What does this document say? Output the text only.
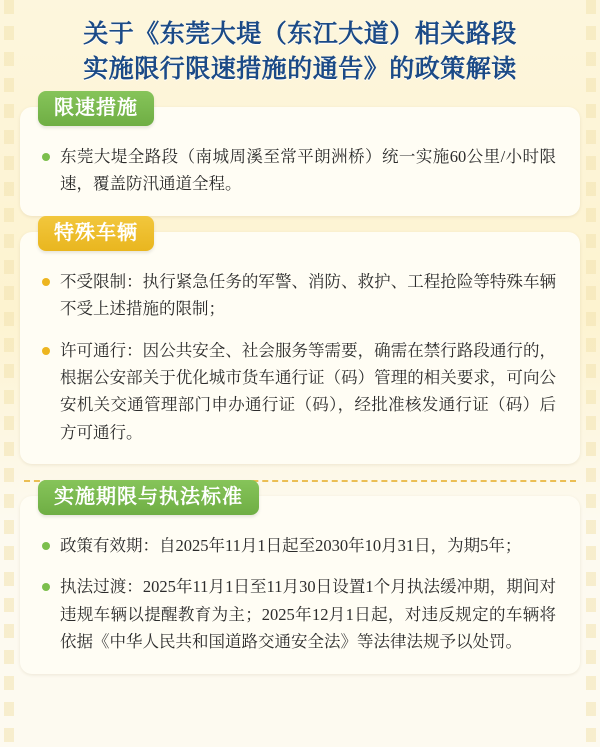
关于《东莞大堤（东江大道）相关路段
实施限行限速措施的通告》的政策解读
限速措施
东莞大堤全路段（南城周溪至常平朗洲桥）统一实施60公里/小时限速，覆盖防汛通道全程。
特殊车辆
不受限制：执行紧急任务的军警、消防、救护、工程抢险等特殊车辆不受上述措施的限制；
许可通行：因公共安全、社会服务等需要，确需在禁行路段通行的，根据公安部关于优化城市货车通行证（码）管理的相关要求，可向公安机关交通管理部门申办通行证（码），经批准核发通行证（码）后方可通行。
实施期限与执法标准
政策有效期：自2025年11月1日起至2030年10月31日，为期5年；
执法过渡：2025年11月1日至11月30日设置1个月执法缓冲期，期间对违规车辆以提醒教育为主；2025年12月1日起，对违反规定的车辆将依据《中华人民共和国道路交通安全法》等法律法规予以处罚。
